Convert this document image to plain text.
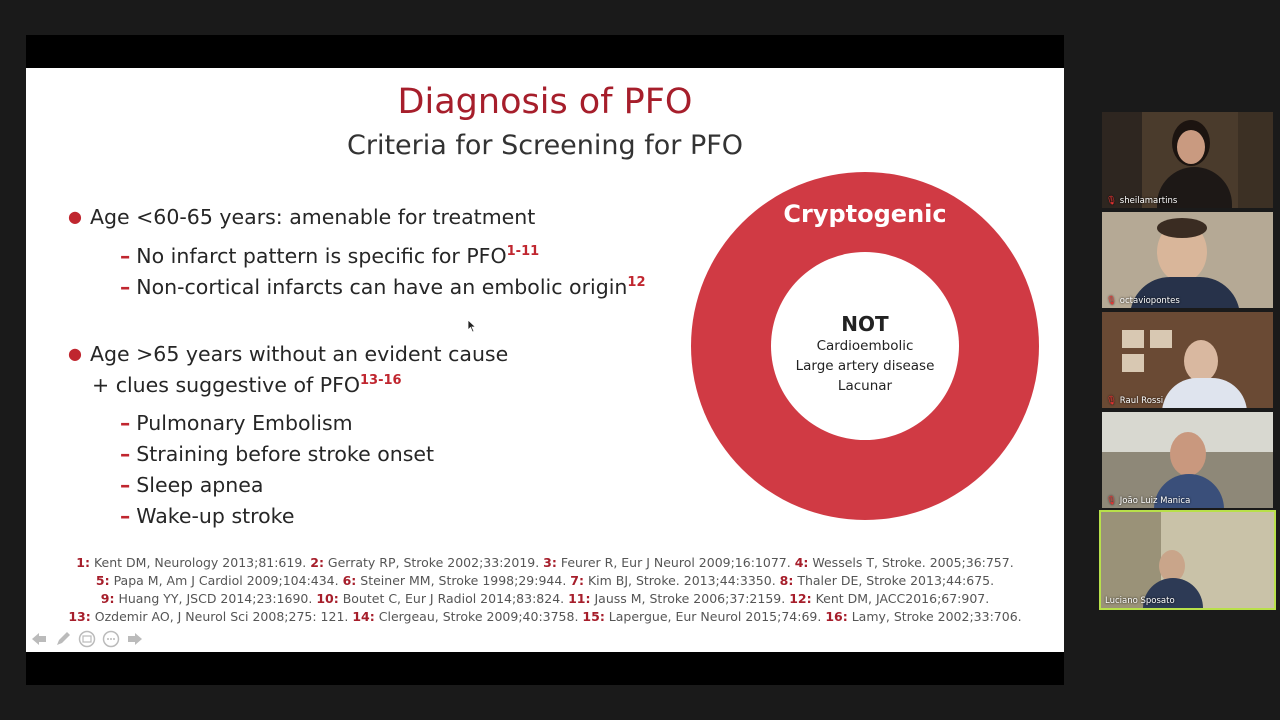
Diagnosis of PFO
Criteria for Screening for PFO
● Age <60-65 years: amenable for treatment
– No infarct pattern is specific for PFO$^{1-11}$
– Non-cortical infarcts can have an embolic origin$^{12}$
● Age >65 years without an evident cause
+ clues suggestive of PFO$^{13-16}$
– Pulmonary Embolism
– Straining before stroke onset
– Sleep apnea
– Wake-up stroke
Cryptogenic
NOT
Cardioembolic
Large artery disease
Lacunar
1: Kent DM, Neurology 2013;81:619. 2: Gerraty RP, Stroke 2002;33:2019. 3: Feurer R, Eur J Neurol 2009;16:1077. 4: Wessels T, Stroke. 2005;36:757.
5: Papa M, Am J Cardiol 2009;104:434. 6: Steiner MM, Stroke 1998;29:944. 7: Kim BJ, Stroke. 2013;44:3350. 8: Thaler DE, Stroke 2013;44:675.
9: Huang YY, JSCD 2014;23:1690. 10: Boutet C, Eur J Radiol 2014;83:824. 11: Jauss M, Stroke 2006;37:2159. 12: Kent DM, JACC2016;67:907.
13: Ozdemir AO, J Neurol Sci 2008;275: 121. 14: Clergeau, Stroke 2009;40:3758. 15: Lapergue, Eur Neurol 2015;74:69. 16: Lamy, Stroke 2002;33:706.
🎙 sheilamartins
🎙 octaviopontes
🎙 Raul Rossi
🎙 João Luiz Manica
Luciano Sposato
